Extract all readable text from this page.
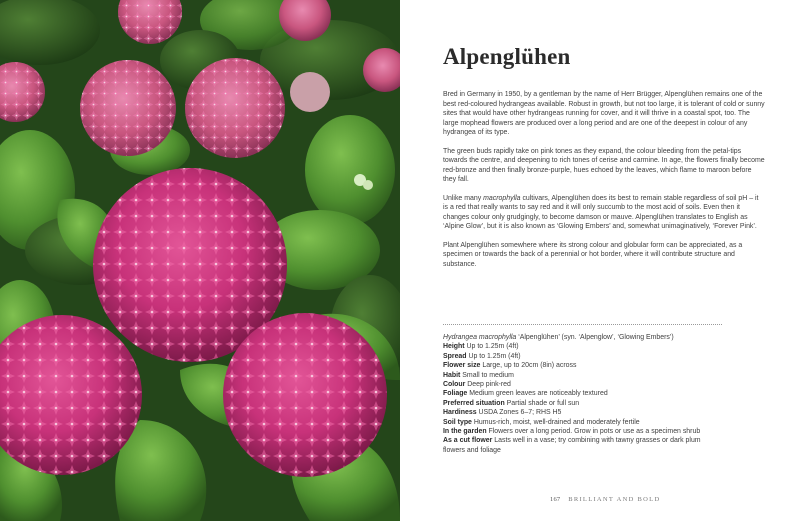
Alpenglühen

Bred in Germany in 1950, by a gentleman by the name of Herr Brügger, Alpenglühen remains one of the best red-coloured hydrangeas available. Robust in growth, but not too large, it is tolerant of cold or sunny sites that would have other hydrangeas running for cover, and it will thrive in a coastal spot, too. The large mophead flowers are produced over a long period and are one of the deepest in colour of any hydrangea of its type.

The green buds rapidly take on pink tones as they expand, the colour bleeding from the petal-tips towards the centre, and deepening to rich tones of cerise and carmine. In age, the flowers finally become red-bronze and then finally bronze-purple, hues echoed by the leaves, which flame to maroon before they fall.

Unlike many macrophylla cultivars, Alpenglühen does its best to remain stable regardless of soil pH – it is a red that really wants to say red and it will only succumb to the most acid of soils. Even then it changes colour only grudgingly, to become damson or mauve. Alpenglühen translates to English as ‘Alpine Glow’, but it is also known as ‘Glowing Embers’ and, somewhat unimaginatively, ‘Forever Pink’.

Plant Alpenglühen somewhere where its strong colour and globular form can be appreciated, as a specimen or towards the back of a perennial or hot border, where it will contribute structure and substance.

Hydrangea macrophylla ‘Alpenglühen’ (syn. ‘Alpenglow’, ‘Glowing Embers’)
Height Up to 1.25m (4ft)
Spread Up to 1.25m (4ft)
Flower size Large, up to 20cm (8in) across
Habit Small to medium
Colour Deep pink-red
Foliage Medium green leaves are noticeably textured
Preferred situation Partial shade or full sun
Hardiness USDA Zones 6–7; RHS H5
Soil type Humus-rich, moist, well-drained and moderately fertile
In the garden Flowers over a long period. Grow in pots or use as a specimen shrub
As a cut flower Lasts well in a vase; try combining with tawny grasses or dark plum
flowers and foliage
167 BRILLIANT AND BOLD
